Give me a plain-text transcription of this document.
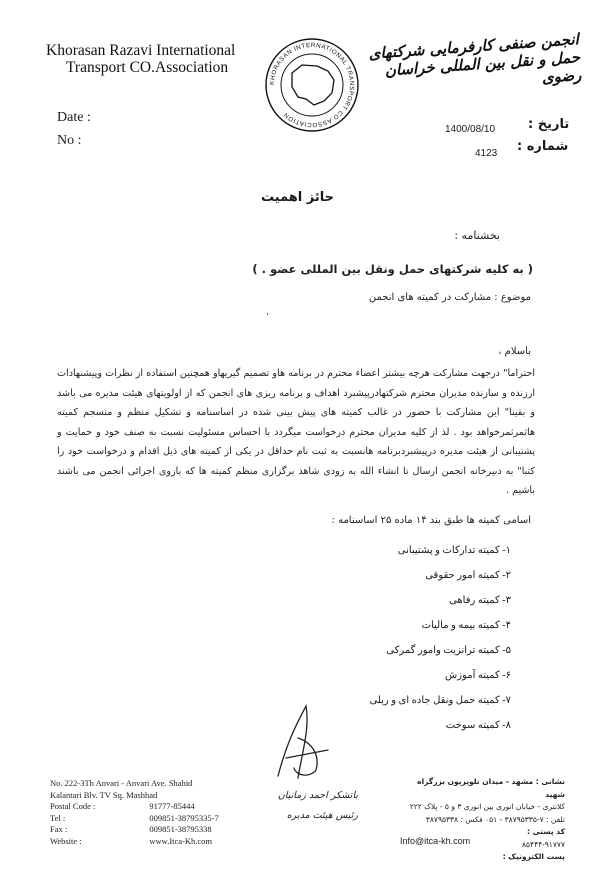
Khorasan Razavi International
Transport CO.Association
KHORASAN INTERNATIONAL TRANSPORT CO.ASSOCIATION
انجمن صنفی کارفرمایی شرکتهای حمل و نقل بین المللی خراسان رضوی
Date :
No :
تاریخ :
شماره :
1400/08/10
4123
حائز اهمیت
بخشنامه :
( به کلیه شرکتهای حمل ونقل بین المللی عضو . )
موضوع : مشارکت در کمیته های انجمن
،
باسلام ،
احتراما" درجهت مشارکت هرچه بیشتر اعضاء محترم در برنامه هاو تصمیم گیریهاو همچنین استفاده از نظرات وپیشنهادات ارزنده و سازنده مدیران محترم شرکتهادرپیشبرد اهداف و برنامه ریزی های انجمن که از اولویتهای هیئت مدیره می باشد و بقینا" این مشارکت با حضور در غالب کمیته های پیش بینی شده در اساسنامه و تشکیل منظم و منسجم کمیته هاثمرثمرخواهد بود . لذ از کلیه مدیران محترم درخواست میگردد با احساس مسئولیت نسبت به صنف خود و حمایت و پشتیبانی از هیئت مدیره درپیشبردبرنامه هانسبت به ثبت نام حداقل در یکی از کمیته های ذیل اقدام و درخواست خود را کتبا" به دبیرخانه انجمن ارسال تا انشاء الله به زودی شاهد برگزاری منظم کمیته ها که بازوی اجرائی انجمن می باشند باشیم .
اسامی کمیته ها طبق بند ۱۴ ماده ۲۵ اساسنامه :
۱- کمیته تدارکات و پشتیبانی
۲- کمیته امور حقوقی
۳- کمیته رفاهی
۴- کمیته بیمه و مالیات
۵- کمیته ترانزیت وامور گمرکی
۶- کمیته آموزش
۷- کمیته حمل ونقل جاده ای و ریلی
۸- کمیته سوخت
باتشکر احمد زمانیان
رئیس هیئت مدیره
No. 222-3Th Anvari - Anvari Ave. Shahid
Kalantari Blv. TV Sq. Mashhad
Postal Code :	91777-85444
Tel :	009851-38795335-7
Fax :	009851-38795338
Website :	www.Itca-Kh.com
نشانی : مشهد - میدان تلویزیون بزرگراه شهید
کلانتری - خیابان انوری بین انوری ۳ و ۵ - پلاک ۲۲۲
تلفن : ۷-۳۸۷۹۵۳۳۵ - ۰۵۱ فکس : ۳۸۷۹۵۳۳۸
کد پستی :
۸۵۴۴۴-۹۱۷۷۷
پست الکترونیک :
Info@itca-kh.com
